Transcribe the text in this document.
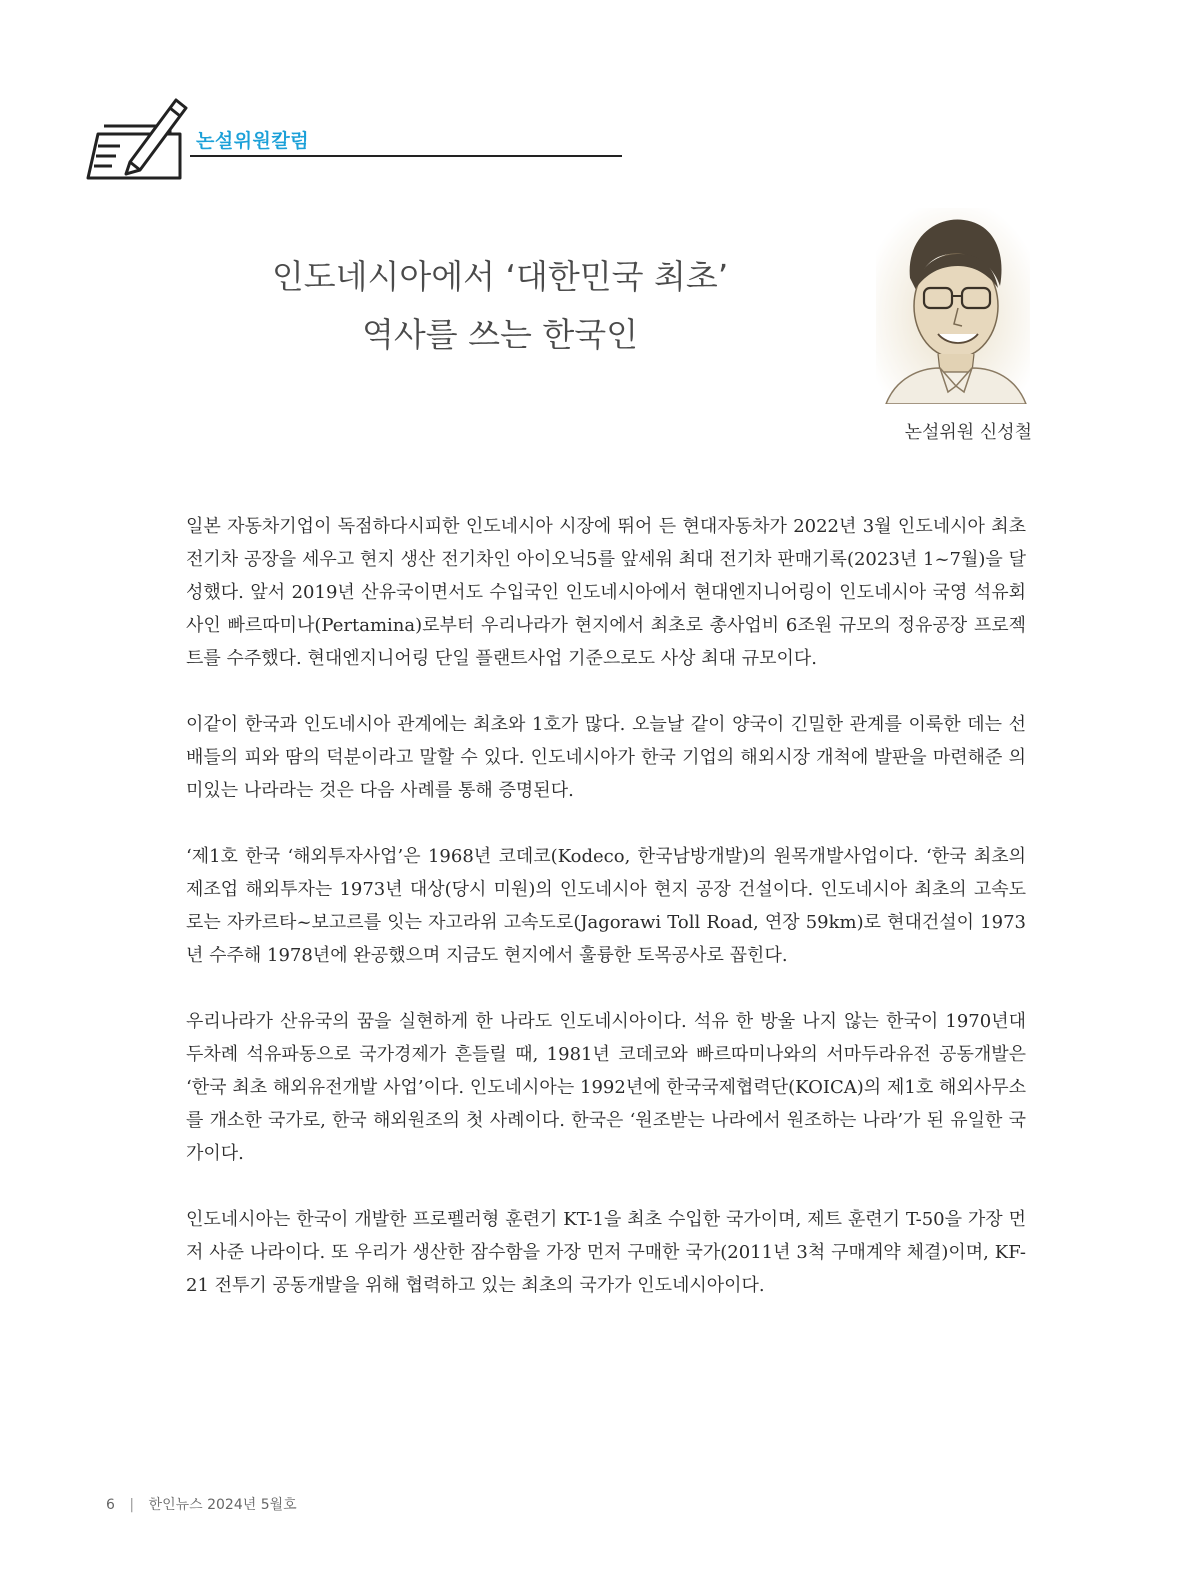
논설위원칼럼
인도네시아에서 ‘대한민국 최초’
역사를 쓰는 한국인
논설위원 신성철

일본 자동차기업이 독점하다시피한 인도네시아 시장에 뛰어 든 현대자동차가 2022년 3월 인도네시아 최초 전기차 공장을 세우고 현지 생산 전기차인 아이오닉5를 앞세워 최대 전기차 판매기록(2023년 1~7월)을 달성했다. 앞서 2019년 산유국이면서도 수입국인 인도네시아에서 현대엔지니어링이 인도네시아 국영 석유회사인 빠르따미나(Pertamina)로부터 우리나라가 현지에서 최초로 총사업비 6조원 규모의 정유공장 프로젝트를 수주했다. 현대엔지니어링 단일 플랜트사업 기준으로도 사상 최대 규모이다.

이같이 한국과 인도네시아 관계에는 최초와 1호가 많다. 오늘날 같이 양국이 긴밀한 관계를 이룩한 데는 선배들의 피와 땀의 덕분이라고 말할 수 있다. 인도네시아가 한국 기업의 해외시장 개척에 발판을 마련해준 의미있는 나라라는 것은 다음 사례를 통해 증명된다.

‘제1호 한국 ‘해외투자사업’은 1968년 코데코(Kodeco, 한국남방개발)의 원목개발사업이다. ‘한국 최초의 제조업 해외투자는 1973년 대상(당시 미원)의 인도네시아 현지 공장 건설이다. 인도네시아 최초의 고속도로는 자카르타~보고르를 잇는 자고라위 고속도로(Jagorawi Toll Road, 연장 59km)로 현대건설이 1973년 수주해 1978년에 완공했으며 지금도 현지에서 훌륭한 토목공사로 꼽힌다.

우리나라가 산유국의 꿈을 실현하게 한 나라도 인도네시아이다. 석유 한 방울 나지 않는 한국이 1970년대 두차례 석유파동으로 국가경제가 흔들릴 때, 1981년 코데코와 빠르따미나와의 서마두라유전 공동개발은 ‘한국 최초 해외유전개발 사업’이다. 인도네시아는 1992년에 한국국제협력단(KOICA)의 제1호 해외사무소를 개소한 국가로, 한국 해외원조의 첫 사례이다. 한국은 ‘원조받는 나라에서 원조하는 나라’가 된 유일한 국가이다.

인도네시아는 한국이 개발한 프로펠러형 훈련기 KT-1을 최초 수입한 국가이며, 제트 훈련기 T-50을 가장 먼저 사준 나라이다. 또 우리가 생산한 잠수함을 가장 먼저 구매한 국가(2011년 3척 구매계약 체결)이며, KF-21 전투기 공동개발을 위해 협력하고 있는 최초의 국가가 인도네시아이다.

6 | 한인뉴스 2024년 5월호
